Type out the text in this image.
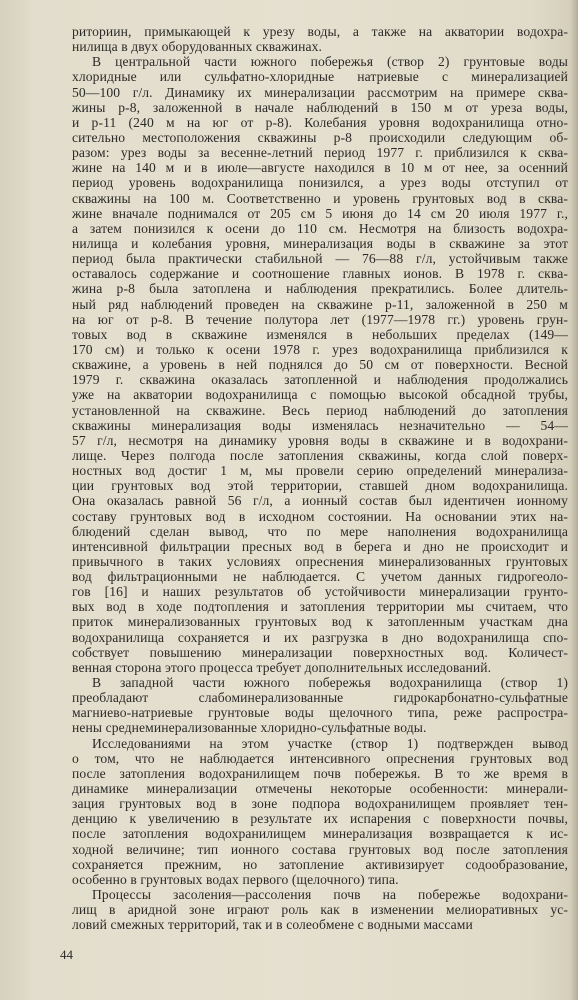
риториин, примыкающей к урезу воды, а также на акватории водохра-
нилища в двух оборудованных скважинах.
В центральной части южного побережья (створ 2) грунтовые воды
хлоридные или сульфатно-хлоридные натриевые с минерализацией
50—100 г/л. Динамику их минерализации рассмотрим на примере сква-
жины р-8, заложенной в начале наблюдений в 150 м от уреза воды,
и р-11 (240 м на юг от р-8). Колебания уровня водохранилища отно-
сительно местоположения скважины р-8 происходили следующим об-
разом: урез воды за весенне-летний период 1977 г. приблизился к сква-
жине на 140 м и в июле—августе находился в 10 м от нее, за осенний
период уровень водохранилища понизился, а урез воды отступил от
скважины на 100 м. Соответственно и уровень грунтовых вод в сква-
жине вначале поднимался от 205 см 5 июня до 14 см 20 июля 1977 г.,
а затем понизился к осени до 110 см. Несмотря на близость водохра-
нилища и колебания уровня, минерализация воды в скважине за этот
период была практически стабильной — 76—88 г/л, устойчивым также
оставалось содержание и соотношение главных ионов. В 1978 г. сква-
жина р-8 была затоплена и наблюдения прекратились. Более длитель-
ный ряд наблюдений проведен на скважине р-11, заложенной в 250 м
на юг от р-8. В течение полутора лет (1977—1978 гг.) уровень грун-
товых вод в скважине изменялся в небольших пределах (149—
170 см) и только к осени 1978 г. урез водохранилища приблизился к
скважине, а уровень в ней поднялся до 50 см от поверхности. Весной
1979 г. скважина оказалась затопленной и наблюдения продолжались
уже на акватории водохранилища с помощью высокой обсадной трубы,
установленной на скважине. Весь период наблюдений до затопления
скважины минерализация воды изменялась незначительно — 54—
57 г/л, несмотря на динамику уровня воды в скважине и в водохрани-
лище. Через полгода после затопления скважины, когда слой поверх-
ностных вод достиг 1 м, мы провели серию определений минерализа-
ции грунтовых вод этой территории, ставшей дном водохранилища.
Она оказалась равной 56 г/л, а ионный состав был идентичен ионному
составу грунтовых вод в исходном состоянии. На основании этих на-
блюдений сделан вывод, что по мере наполнения водохранилища
интенсивной фильтрации пресных вод в берега и дно не происходит и
привычного в таких условиях опреснения минерализованных грунтовых
вод фильтрационными не наблюдается. С учетом данных гидрогеоло-
гов [16] и наших результатов об устойчивости минерализации грунто-
вых вод в ходе подтопления и затопления территории мы считаем, что
приток минерализованных грунтовых вод к затопленным участкам дна
водохранилища сохраняется и их разгрузка в дно водохранилища спо-
собствует повышению минерализации поверхностных вод. Количест-
венная сторона этого процесса требует дополнительных исследований.
В западной части южного побережья водохранилища (створ 1)
преобладают слабоминерализованные гидрокарбонатно-сульфатные
магниево-натриевые грунтовые воды щелочного типа, реже распростра-
нены среднеминерализованные хлоридно-сульфатные воды.
Исследованиями на этом участке (створ 1) подтвержден вывод
о том, что не наблюдается интенсивного опреснения грунтовых вод
после затопления водохранилищем почв побережья. В то же время в
динамике минерализации отмечены некоторые особенности: минерали-
зация грунтовых вод в зоне подпора водохранилищем проявляет тен-
денцию к увеличению в результате их испарения с поверхности почвы,
после затопления водохранилищем минерализация возвращается к ис-
ходной величине; тип ионного состава грунтовых вод после затопления
сохраняется прежним, но затопление активизирует содообразование,
особенно в грунтовых водах первого (щелочного) типа.
Процессы засоления—рассоления почв на побережье водохрани-
лищ в аридной зоне играют роль как в изменении мелиоративных ус-
ловий смежных территорий, так и в солеобмене с водными массами
44
